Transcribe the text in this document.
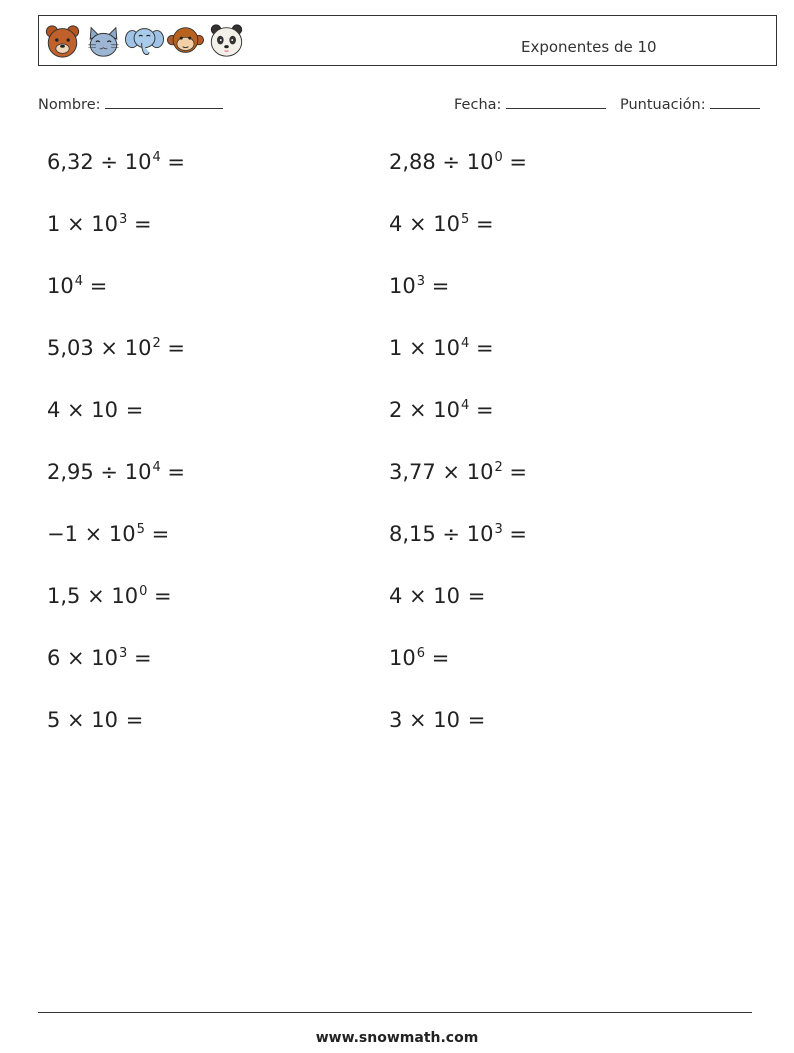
Exponentes de 10
Nombre:	Fecha:	Puntuación:
$6,32 \div 10^4$ =
$1 \times 10^3$ =
$10^4$ =
$5,03 \times 10^2$ =
4 × 10 =
$2,95 \div 10^4$ =
$-1 \times 10^5$ =
$1,5 \times 10^0$ =
$6 \times 10^3$ =
5 × 10 =
$2,88 \div 10^0$ =
$4 \times 10^5$ =
$10^3$ =
$1 \times 10^4$ =
$2 \times 10^4$ =
$3,77 \times 10^2$ =
$8,15 \div 10^3$ =
4 × 10 =
$10^6$ =
3 × 10 =
www.snowmath.com
